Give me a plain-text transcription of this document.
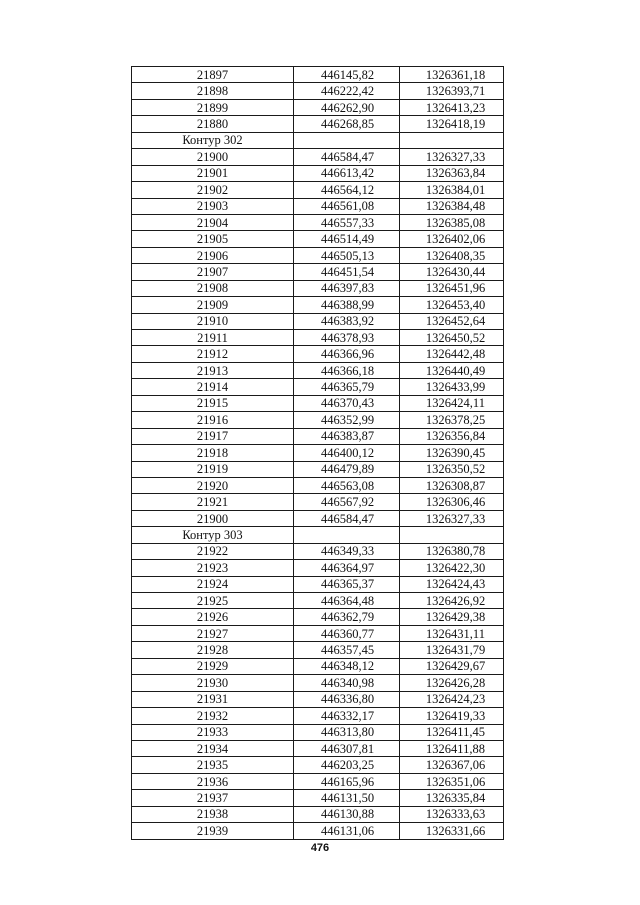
21897	446145,82	1326361,18
21898	446222,42	1326393,71
21899	446262,90	1326413,23
21880	446268,85	1326418,19
Контур 302		
21900	446584,47	1326327,33
21901	446613,42	1326363,84
21902	446564,12	1326384,01
21903	446561,08	1326384,48
21904	446557,33	1326385,08
21905	446514,49	1326402,06
21906	446505,13	1326408,35
21907	446451,54	1326430,44
21908	446397,83	1326451,96
21909	446388,99	1326453,40
21910	446383,92	1326452,64
21911	446378,93	1326450,52
21912	446366,96	1326442,48
21913	446366,18	1326440,49
21914	446365,79	1326433,99
21915	446370,43	1326424,11
21916	446352,99	1326378,25
21917	446383,87	1326356,84
21918	446400,12	1326390,45
21919	446479,89	1326350,52
21920	446563,08	1326308,87
21921	446567,92	1326306,46
21900	446584,47	1326327,33
Контур 303		
21922	446349,33	1326380,78
21923	446364,97	1326422,30
21924	446365,37	1326424,43
21925	446364,48	1326426,92
21926	446362,79	1326429,38
21927	446360,77	1326431,11
21928	446357,45	1326431,79
21929	446348,12	1326429,67
21930	446340,98	1326426,28
21931	446336,80	1326424,23
21932	446332,17	1326419,33
21933	446313,80	1326411,45
21934	446307,81	1326411,88
21935	446203,25	1326367,06
21936	446165,96	1326351,06
21937	446131,50	1326335,84
21938	446130,88	1326333,63
21939	446131,06	1326331,66
476
